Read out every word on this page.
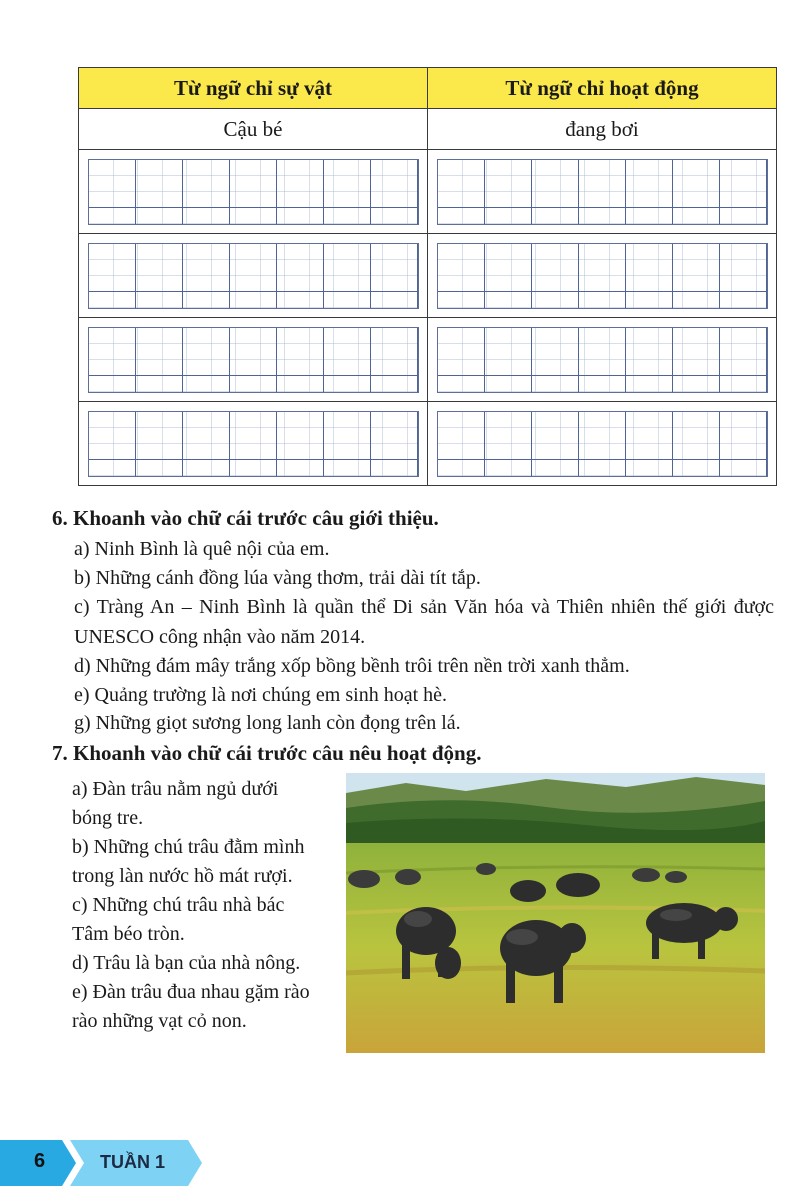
Từ ngữ chỉ sự vật	Từ ngữ chỉ hoạt động
Cậu bé	đang bơi

6. Khoanh vào chữ cái trước câu giới thiệu.

a) Ninh Bình là quê nội của em.

b) Những cánh đồng lúa vàng thơm, trải dài tít tắp.

c) Tràng An – Ninh Bình là quần thể Di sản Văn hóa và Thiên nhiên thế giới được UNESCO công nhận vào năm 2014.

d) Những đám mây trắng xốp bồng bềnh trôi trên nền trời xanh thẳm.

e) Quảng trường là nơi chúng em sinh hoạt hè.

g) Những giọt sương long lanh còn đọng trên lá.

7. Khoanh vào chữ cái trước câu nêu hoạt động.

a) Đàn trâu nằm ngủ dưới

bóng tre.

b) Những chú trâu đằm mình

trong làn nước hồ mát rượi.

c) Những chú trâu nhà bác

Tâm béo tròn.

d) Trâu là bạn của nhà nông.

e) Đàn trâu đua nhau gặm rào

rào những vạt cỏ non.

6	TUẦN 1
